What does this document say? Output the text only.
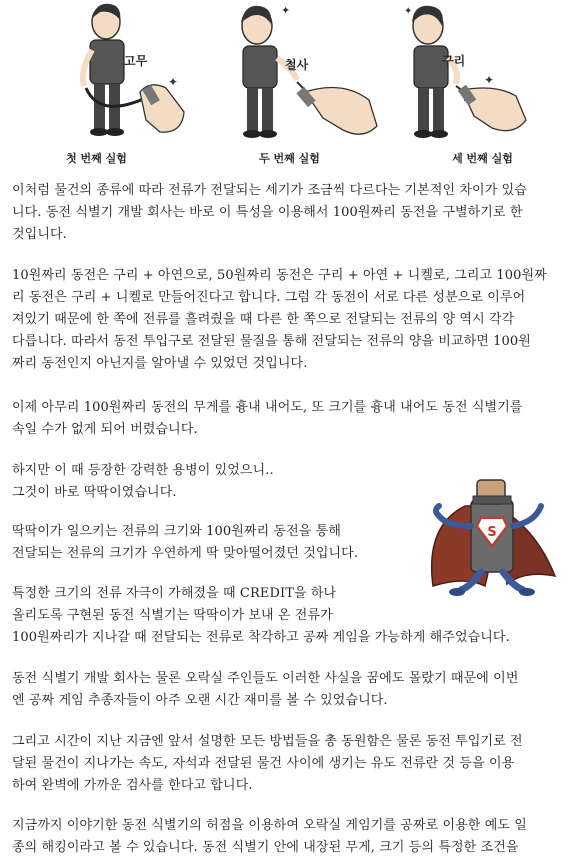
✦
고무
첫 번째 실험
✦
철사
두 번째 실험
✦
✦
구리
세 번째 실험
이처럼 물건의 종류에 따라 전류가 전달되는 세기가 조금씩 다르다는 기본적인 차이가 있습
니다. 동전 식별기 개발 회사는 바로 이 특성을 이용해서 100원짜리 동전을 구별하기로 한
것입니다.
10원짜리 동전은 구리 + 아연으로, 50원짜리 동전은 구리 + 아연 + 니켈로, 그리고 100원짜
리 동전은 구리 + 니켈로 만들어진다고 합니다. 그럼 각 동전이 서로 다른 성분으로 이루어
져있기 때문에 한 쪽에 전류를 흘려줬을 때 다른 한 쪽으로 전달되는 전류의 양 역시 각각
다릅니다. 따라서 동전 투입구로 전달된 물질을 통해 전달되는 전류의 양을 비교하면 100원
짜리 동전인지 아닌지를 알아낼 수 있었던 것입니다.
이제 아무리 100원짜리 동전의 무게를 흉내 내어도, 또 크기를 흉내 내어도 동전 식별기를
속일 수가 없게 되어 버렸습니다.
하지만 이 때 등장한 강력한 용병이 있었으니..
그것이 바로 딱딱이였습니다.
딱딱이가 일으키는 전류의 크기와 100원짜리 동전을 통해
전달되는 전류의 크기가 우연하게 딱 맞아떨어졌던 것입니다.
특정한 크기의 전류 자극이 가해졌을 때 CREDIT을 하나
올리도록 구현된 동전 식별기는 딱딱이가 보내 온 전류가
100원짜리가 지나갈 때 전달되는 전류로 착각하고 공짜 게임을 가능하게 해주었습니다.
동전 식별기 개발 회사는 물론 오락실 주인들도 이러한 사실을 꿈에도 몰랐기 때문에 이번
엔 공짜 게임 추종자들이 아주 오랜 시간 재미를 볼 수 있었습니다.
그리고 시간이 지난 지금엔 앞서 설명한 모든 방법들을 총 동원함은 물론 동전 투입기로 전
달된 물건이 지나가는 속도, 자석과 전달된 물건 사이에 생기는 유도 전류란 것 등을 이용
하여 완벽에 가까운 검사를 한다고 합니다.
지금까지 이야기한 동전 식별기의 허점을 이용하여 오락실 게임기를 공짜로 이용한 예도 일
종의 해킹이라고 볼 수 있습니다. 동전 식별기 안에 내장된 무게, 크기 등의 특정한 조건을
S
